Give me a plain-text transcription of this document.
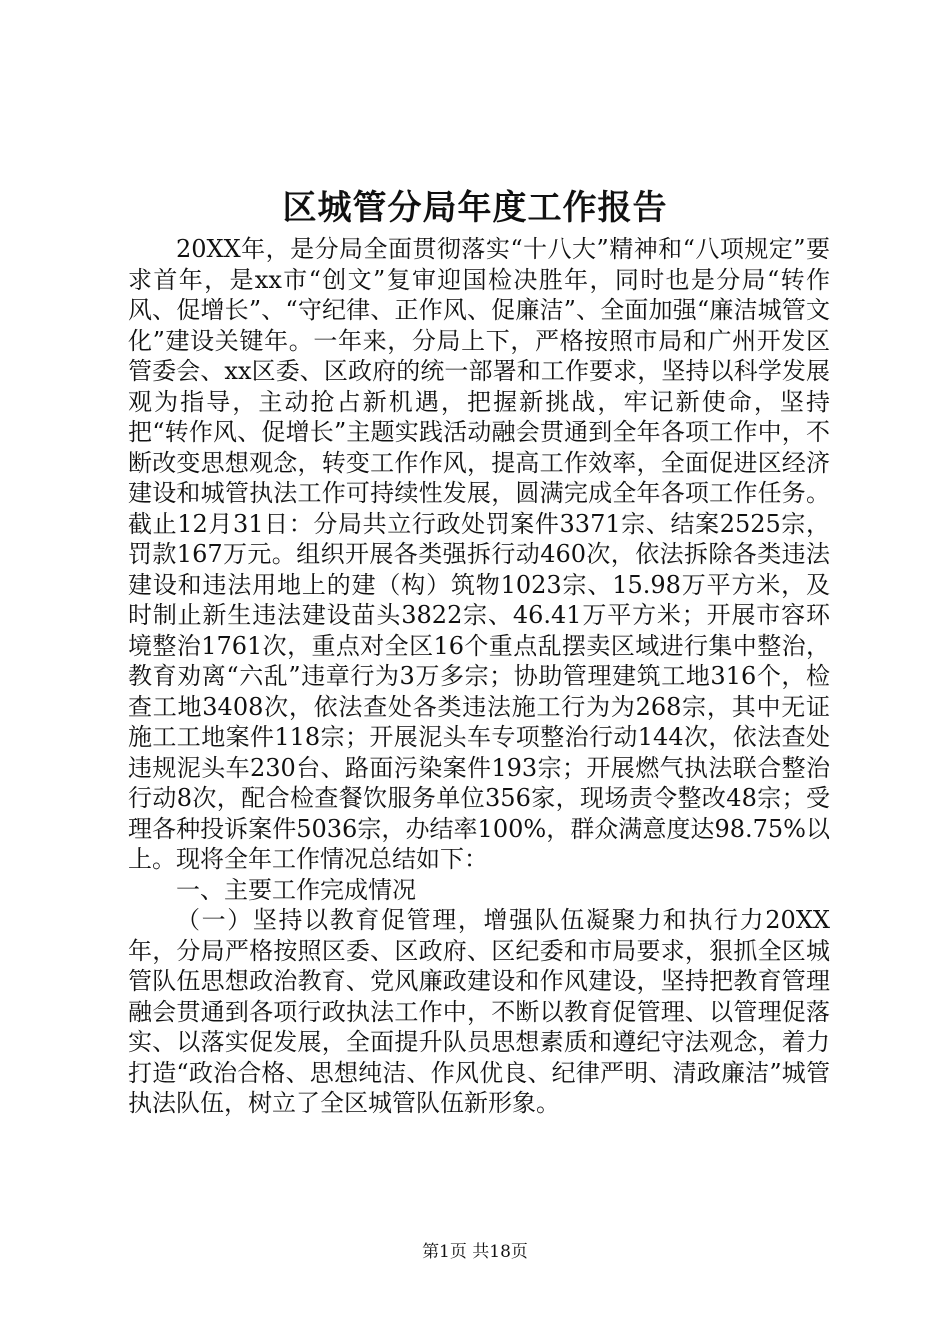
区城管分局年度工作报告

20XX年，是分局全面贯彻落实“十八大”精神和“八项规定”要求首年，是xx市“创文”复审迎国检决胜年，同时也是分局“转作风、促增长”、“守纪律、正作风、促廉洁”、全面加强“廉洁城管文化”建设关键年。一年来，分局上下，严格按照市局和广州开发区管委会、xx区委、区政府的统一部署和工作要求，坚持以科学发展观为指导，主动抢占新机遇，把握新挑战，牢记新使命，坚持把“转作风、促增长”主题实践活动融会贯通到全年各项工作中，不断改变思想观念，转变工作作风，提高工作效率，全面促进区经济建设和城管执法工作可持续性发展，圆满完成全年各项工作任务。截止12月31日：分局共立行政处罚案件3371宗、结案2525宗，罚款167万元。组织开展各类强拆行动460次，依法拆除各类违法建设和违法用地上的建（构）筑物1023宗、15.98万平方米，及时制止新生违法建设苗头3822宗、46.41万平方米；开展市容环境整治1761次，重点对全区16个重点乱摆卖区域进行集中整治，教育劝离“六乱”违章行为3万多宗；协助管理建筑工地316个，检查工地3408次，依法查处各类违法施工行为为268宗，其中无证施工工地案件118宗；开展泥头车专项整治行动144次，依法查处违规泥头车230台、路面污染案件193宗；开展燃气执法联合整治行动8次，配合检查餐饮服务单位356家，现场责令整改48宗；受理各种投诉案件5036宗，办结率100%，群众满意度达98.75%以上。现将全年工作情况总结如下：

一、主要工作完成情况

（一）坚持以教育促管理，增强队伍凝聚力和执行力20XX年，分局严格按照区委、区政府、区纪委和市局要求，狠抓全区城管队伍思想政治教育、党风廉政建设和作风建设，坚持把教育管理融会贯通到各项行政执法工作中，不断以教育促管理、以管理促落实、以落实促发展，全面提升队员思想素质和遵纪守法观念，着力打造“政治合格、思想纯洁、作风优良、纪律严明、清政廉洁”城管执法队伍，树立了全区城管队伍新形象。

第1页 共18页
